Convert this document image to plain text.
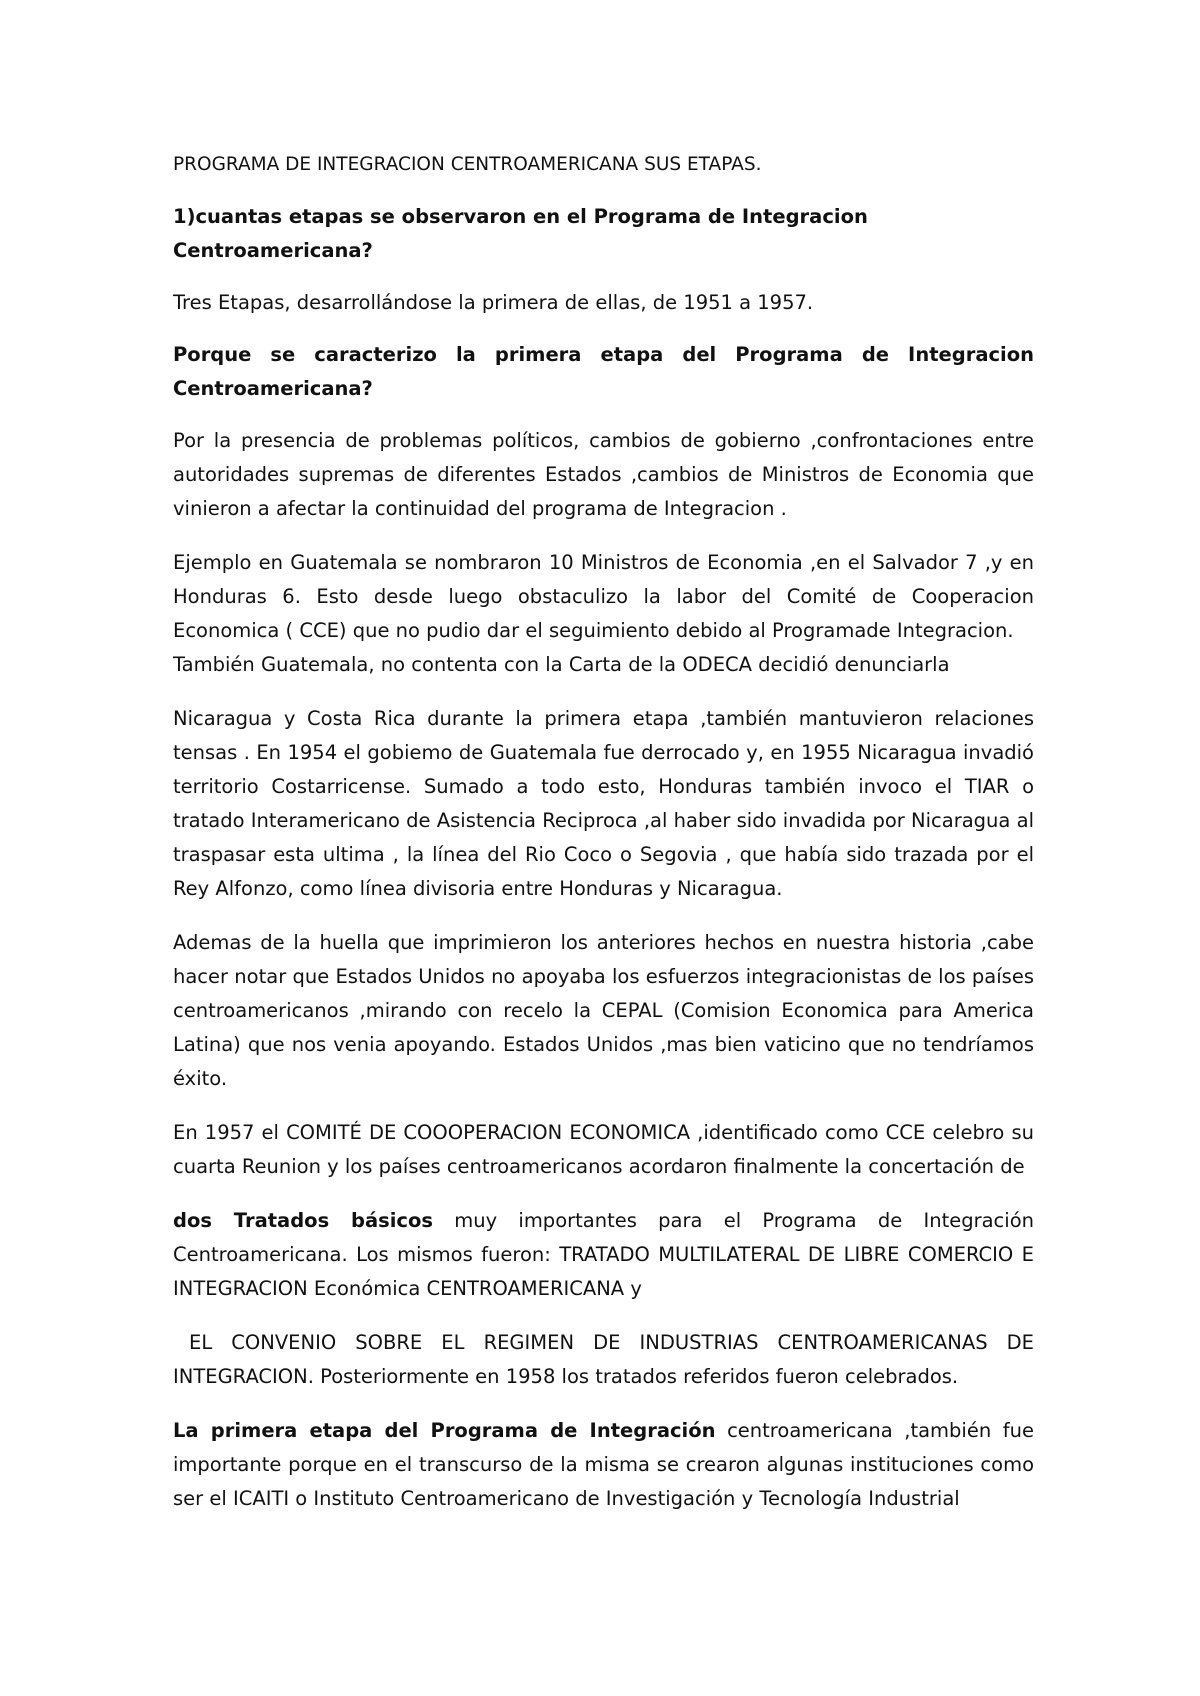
PROGRAMA DE INTEGRACION CENTROAMERICANA SUS ETAPAS.

1)cuantas etapas se observaron en el Programa de Integracion Centroamericana?

Tres Etapas, desarrollándose la primera de ellas, de 1951 a 1957.

Porque se caracterizo la primera etapa del Programa de Integracion Centroamericana?

Por la presencia de problemas políticos, cambios de gobierno ,confrontaciones entre autoridades supremas de diferentes Estados ,cambios de Ministros de Economia que vinieron a afectar la continuidad del programa de Integracion .

Ejemplo en Guatemala se nombraron 10 Ministros de Economia ,en el Salvador 7 ,y en Honduras 6. Esto desde luego obstaculizo la labor del Comité de Cooperacion Economica ( CCE) que no pudio dar el seguimiento debido al Programade Integracion.

También Guatemala, no contenta con la Carta de la ODECA decidió denunciarla

Nicaragua y Costa Rica durante la primera etapa ,también mantuvieron relaciones tensas . En 1954 el gobiemo de Guatemala fue derrocado y, en 1955 Nicaragua invadió territorio Costarricense. Sumado a todo esto, Honduras también invoco el TIAR o tratado Interamericano de Asistencia Reciproca ,al haber sido invadida por Nicaragua al traspasar esta ultima , la línea del Rio Coco o Segovia , que había sido trazada por el Rey Alfonzo, como línea divisoria entre Honduras y Nicaragua.

Ademas de la huella que imprimieron los anteriores hechos en nuestra historia ,cabe hacer notar que Estados Unidos no apoyaba los esfuerzos integracionistas de los países centroamericanos ,mirando con recelo la CEPAL (Comision Economica para America Latina) que nos venia apoyando. Estados Unidos ,mas bien vaticino que no tendríamos éxito.

En 1957 el COMITÉ DE COOOPERACION ECONOMICA ,identificado como CCE celebro su cuarta Reunion y los países centroamericanos acordaron finalmente la concertación de

dos Tratados básicos muy importantes para el Programa de Integración Centroamericana. Los mismos fueron: TRATADO MULTILATERAL DE LIBRE COMERCIO E INTEGRACION Económica CENTROAMERICANA y

EL CONVENIO SOBRE EL REGIMEN DE INDUSTRIAS CENTROAMERICANAS DE INTEGRACION. Posteriormente en 1958 los tratados referidos fueron celebrados.

La primera etapa del Programa de Integración centroamericana ,también fue importante porque en el transcurso de la misma se crearon algunas instituciones como ser el ICAITI o Instituto Centroamericano de Investigación y Tecnología Industrial
